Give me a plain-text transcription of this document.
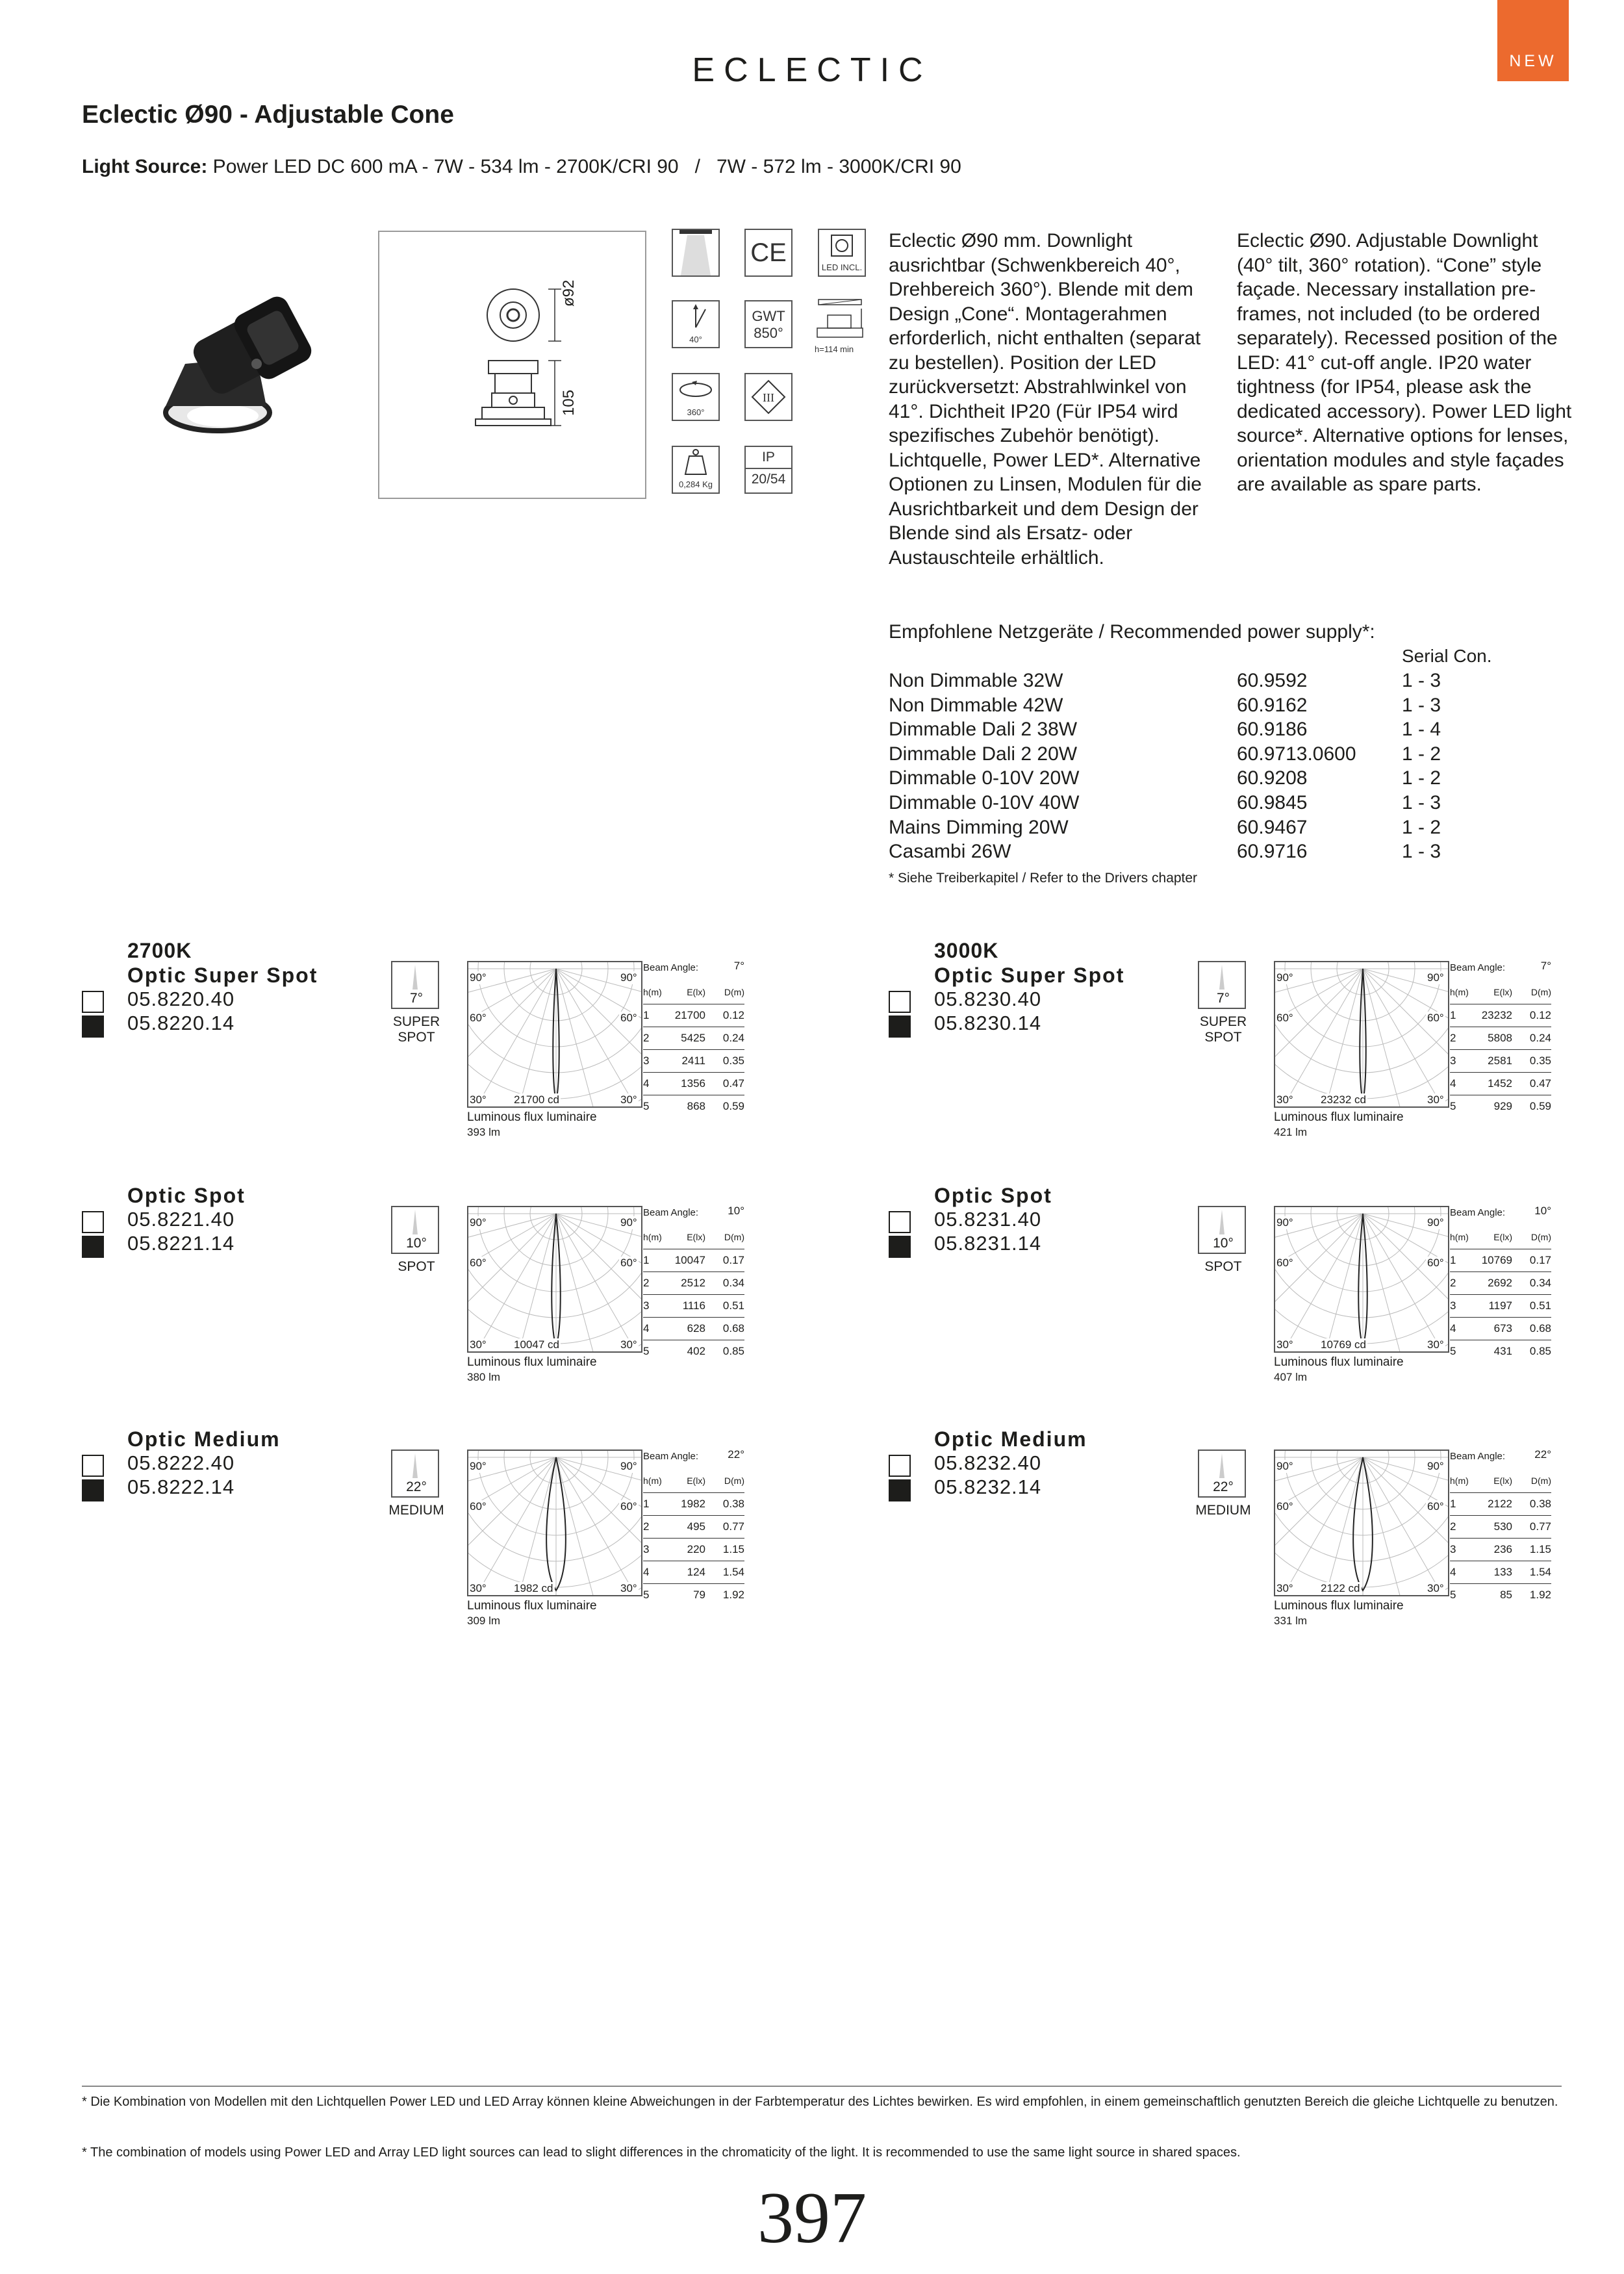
NEW
ECLECTIC
Eclectic Ø90 - Adjustable Cone
Light Source: Power LED DC 600 mA - 7W - 534 lm - 2700K/CRI 90   /   7W - 572 lm - 3000K/CRI 90
ø92
105
CE
LED INCL.
40°
GWT
850°
h=114 min
360°
III
0,284 Kg
IP
20/54
Eclectic Ø90 mm. Downlight ausrichtbar (Schwenkbereich 40°, Drehbereich 360°). Blende mit dem Design „Cone“. Montagerahmen erforderlich, nicht enthalten (separat zu bestellen). Position der LED zurückversetzt: Abstrahlwinkel von 41°. Dichtheit IP20 (Für IP54 wird spezifisches Zubehör benötigt). Lichtquelle, Power LED*. Alternative Optionen zu Linsen, Modulen für die Ausrichtbarkeit und dem Design der Blende sind als Ersatz- oder Austauschteile erhältlich.
Eclectic Ø90. Adjustable Downlight (40° tilt, 360° rotation). “Cone” style façade. Necessary installation pre-frames, not included (to be ordered separately). Recessed position of the LED: 41° cut-off angle. IP20 water tightness (for IP54, please ask the dedicated accessory). Power LED light source*. Alternative options for lenses, orientation modules and style façades are available as spare parts.
Empfohlene Netzgeräte / Recommended power supply*:
Serial Con.
Non Dimmable 32W	60.9592	1 - 3
Non Dimmable 42W	60.9162	1 - 3
Dimmable Dali 2 38W	60.9186	1 - 4
Dimmable Dali 2 20W	60.9713.0600 1 - 2
Dimmable 0-10V 20W	60.9208	1 - 2
Dimmable 0-10V 40W	60.9845	1 - 3
Mains Dimming 20W	60.9467	1 - 2
Casambi 26W	60.9716	1 - 3
* Siehe Treiberkapitel / Refer to the Drivers chapter
2700K
Optic Super Spot
05.8220.40
05.8220.14
7°
SUPER SPOT
90°	90°
60°	60°
30°	30°
21700 cd
Luminous flux luminaire
393 lm
Beam Angle:	7°
h(m)	E(lx) D(m)
1 21700 0.12
2	5425 0.24
3	2411 0.35
4	1356 0.47
5	868 0.59
Optic Spot
05.8221.40
05.8221.14	10°
SPOT
90°	90°
60°	60°
30°	30°
10047 cd
Luminous flux luminaire
380 lm
Beam Angle:	10°
h(m)	E(lx) D(m)
1 10047 0.17
2	2512 0.34
3	1116 0.51
4	628 0.68
5	402 0.85
Optic Medium
05.8222.40
05.8222.14	22°
MEDIUM
90°	90°
60°	60°
30°	30°
1982 cd
Luminous flux luminaire
309 lm
Beam Angle:	22°
h(m)	E(lx) D(m)
1	1982 0.38
2	495 0.77
3	220 1.15
4	124 1.54
5	79 1.92
3000K
Optic Super Spot
05.8230.40
05.8230.14
7°
SUPER SPOT
90°	90°
60°	60°
30°	30°
23232 cd
Luminous flux luminaire
421 lm
Beam Angle:	7°
h(m)	E(lx) D(m)
1 23232 0.12
2	5808 0.24
3	2581 0.35
4	1452 0.47
5	929 0.59
Optic Spot
05.8231.40
05.8231.14	10°
SPOT
90°	90°
60°	60°
30°	30°
10769 cd
Luminous flux luminaire
407 lm
Beam Angle:	10°
h(m)	E(lx) D(m)
1 10769 0.17
2	2692 0.34
3	1197 0.51
4	673 0.68
5	431 0.85
Optic Medium
05.8232.40
05.8232.14	22°
MEDIUM
90°	90°
60°	60°
30°	30°
2122 cd
Luminous flux luminaire
331 lm
Beam Angle:	22°
h(m)	E(lx) D(m)
1	2122 0.38
2	530 0.77
3	236 1.15
4	133 1.54
5	85 1.92
* Die Kombination von Modellen mit den Lichtquellen Power LED und LED Array können kleine Abweichungen in der Farbtemperatur des Lichtes bewirken. Es wird empfohlen, in einem gemeinschaftlich genutzten Bereich die gleiche Lichtquelle zu benutzen.
* The combination of models using Power LED and Array LED light sources can lead to slight differences in the chromaticity of the light. It is recommended to use the same light source in shared spaces.
397
